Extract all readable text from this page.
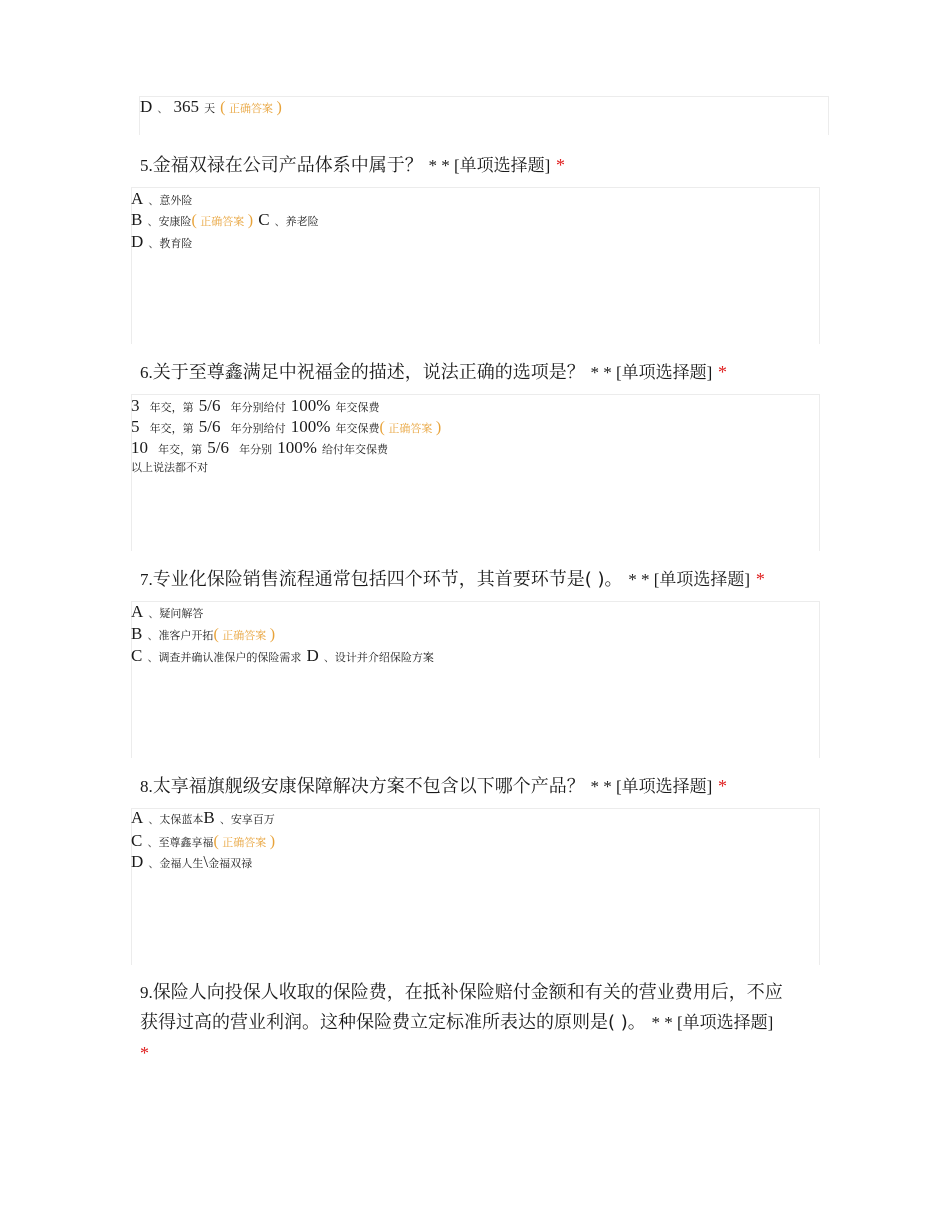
D 、 365 天 ( 正确答案 )
5.金福双禄在公司产品体系中属于？ * * [单项选择题] *
A 、意外险
B 、安康险( 正确答案 ) C 、养老险
D 、教育险
6.关于至尊鑫满足中祝福金的描述，说法正确的选项是？ * * [单项选择题] *
3 年交，第 5/6 年分别给付 100% 年交保费
5 年交，第 5/6 年分别给付 100% 年交保费( 正确答案 )
10 年交，第 5/6 年分别 100% 给付年交保费
以上说法都不对
7.专业化保险销售流程通常包括四个环节，其首要环节是( )。 * * [单项选择题] *
A 、疑问解答
B 、准客户开拓( 正确答案 )
C 、调查并确认准保户的保险需求 D 、设计并介绍保险方案
8.太享福旗舰级安康保障解决方案不包含以下哪个产品？ * * [单项选择题] *
A 、太保蓝本B 、安享百万
C 、至尊鑫享福( 正确答案 )
D 、金福人生\金福双禄
9.保险人向投保人收取的保险费，在抵补保险赔付金额和有关的营业费用后，不应
获得过高的营业利润。这种保险费立定标准所表达的原则是( )。 * * [单项选择题]
*
